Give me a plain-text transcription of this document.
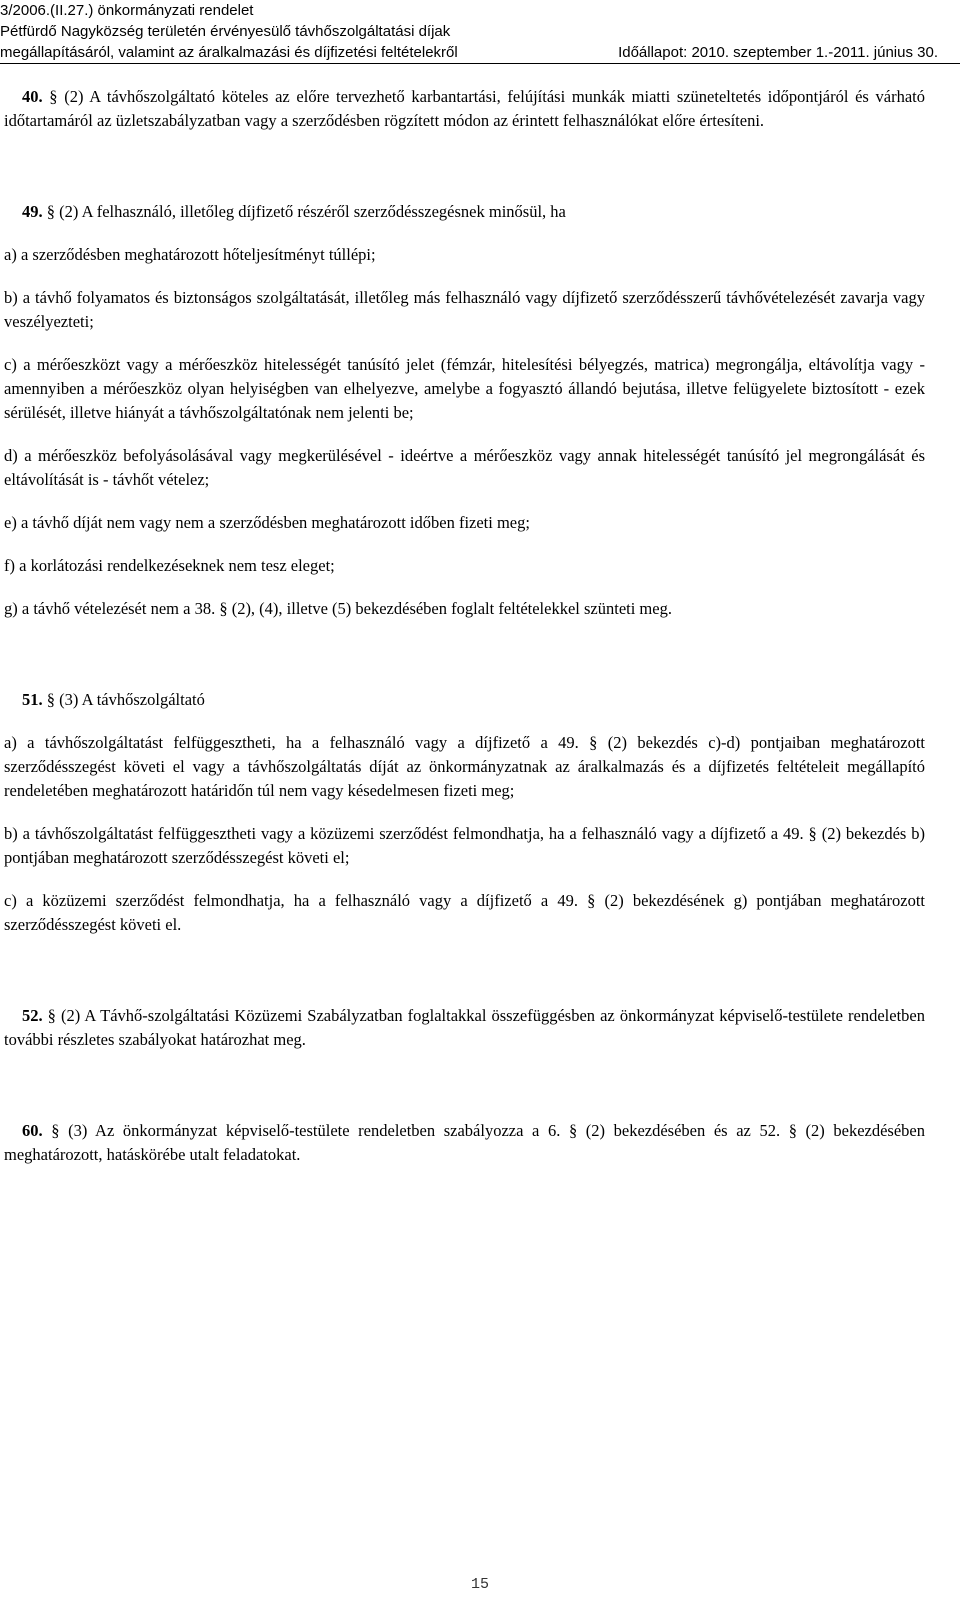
3/2006.(II.27.) önkormányzati rendelet
Pétfürdő Nagyközség területén érvényesülő távhőszolgáltatási díjak
megállapításáról, valamint az áralkalmazási és díjfizetési feltételekről	Időállapot: 2010. szeptember 1.-2011. június 30.

40. § (2) A távhőszolgáltató köteles az előre tervezhető karbantartási, felújítási munkák miatti szüneteltetés időpontjáról és várható időtartamáról az üzletszabályzatban vagy a szerződésben rögzített módon az érintett felhasználókat előre értesíteni.

49. § (2) A felhasználó, illetőleg díjfizető részéről szerződésszegésnek minősül, ha

a) a szerződésben meghatározott hőteljesítményt túllépi;

b) a távhő folyamatos és biztonságos szolgáltatását, illetőleg más felhasználó vagy díjfizető szerződésszerű távhővételezését zavarja vagy veszélyezteti;

c) a mérőeszközt vagy a mérőeszköz hitelességét tanúsító jelet (fémzár, hitelesítési bélyegzés, matrica) megrongálja, eltávolítja vagy - amennyiben a mérőeszköz olyan helyiségben van elhelyezve, amelybe a fogyasztó állandó bejutása, illetve felügyelete biztosított - ezek sérülését, illetve hiányát a távhőszolgáltatónak nem jelenti be;

d) a mérőeszköz befolyásolásával vagy megkerülésével - ideértve a mérőeszköz vagy annak hitelességét tanúsító jel megrongálását és eltávolítását is - távhőt vételez;

e) a távhő díját nem vagy nem a szerződésben meghatározott időben fizeti meg;

f) a korlátozási rendelkezéseknek nem tesz eleget;

g) a távhő vételezését nem a 38. § (2), (4), illetve (5) bekezdésében foglalt feltételekkel szünteti meg.

51. § (3) A távhőszolgáltató

a) a távhőszolgáltatást felfüggesztheti, ha a felhasználó vagy a díjfizető a 49. § (2) bekezdés c)-d) pontjaiban meghatározott szerződésszegést követi el vagy a távhőszolgáltatás díját az önkormányzatnak az áralkalmazás és a díjfizetés feltételeit megállapító rendeletében meghatározott határidőn túl nem vagy késedelmesen fizeti meg;

b) a távhőszolgáltatást felfüggesztheti vagy a közüzemi szerződést felmondhatja, ha a felhasználó vagy a díjfizető a 49. § (2) bekezdés b) pontjában meghatározott szerződésszegést követi el;

c) a közüzemi szerződést felmondhatja, ha a felhasználó vagy a díjfizető a 49. § (2) bekezdésének g) pontjában meghatározott szerződésszegést követi el.

52. § (2) A Távhő-szolgáltatási Közüzemi Szabályzatban foglaltakkal összefüggésben az önkormányzat képviselő-testülete rendeletben további részletes szabályokat határozhat meg.

60. § (3) Az önkormányzat képviselő-testülete rendeletben szabályozza a 6. § (2) bekezdésében és az 52. § (2) bekezdésében meghatározott, hatáskörébe utalt feladatokat.

15
